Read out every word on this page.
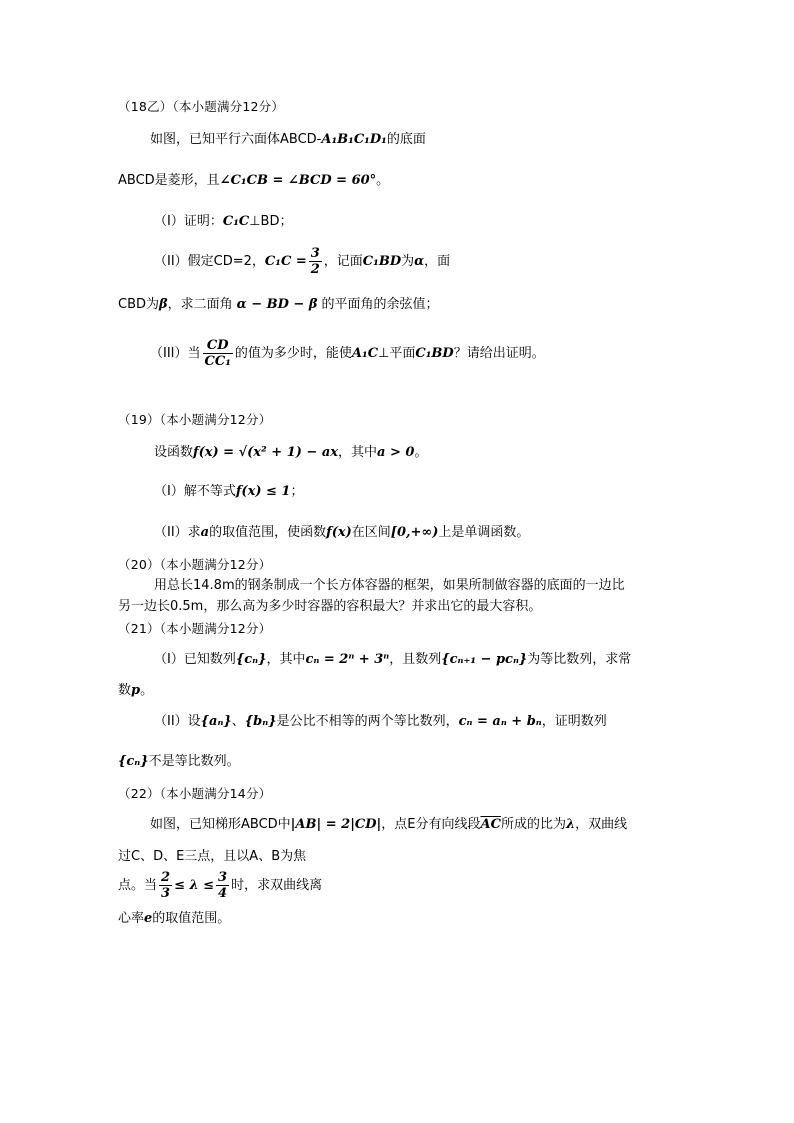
（18乙）（本小题满分12分）
如图，已知平行六面体ABCD-A₁B₁C₁D₁的底面
ABCD是菱形，且∠C₁CB = ∠BCD = 60°。
（I）证明：C₁C⊥BD；
（II）假定CD=2，$C_1C = \frac{3}{2}$ ，记面C₁BD为α，面
CBD为β，求二面角 α − BD − β 的平面角的余弦值；
（III）当 $\frac{CD}{\text{CC₁}}$ 的值为多少时，能使A₁C⊥平面C₁BD？请给出证明。
（19）（本小题满分12分）
设函数f(x) = √(x² + 1) − ax，其中a > 0。
（I）解不等式f(x) ≤ 1；
（II）求a的取值范围，使函数f(x)在区间[0,+∞)上是单调函数。
（20）（本小题满分12分）
用总长14.8m的钢条制成一个长方体容器的框架，如果所制做容器的底面的一边比
另一边长0.5m，那么高为多少时容器的容积最大？并求出它的最大容积。
（21）（本小题满分12分）
（I）已知数列{cₙ}，其中cₙ = 2ⁿ + 3ⁿ，且数列{cₙ₊₁ − pcₙ}为等比数列，求常
数p。
（II）设{aₙ}、{bₙ}是公比不相等的两个等比数列，cₙ = aₙ + bₙ，证明数列
{cₙ}不是等比数列。
（22）（本小题满分14分）
如图，已知梯形ABCD中|AB| = 2|CD|，点E分有向线段$\overline{AC}$所成的比为λ，双曲线
过C、D、E三点，且以A、B为焦
点。当 $\frac{2}{3} \le \lambda \le \frac{3}{4}$ 时，求双曲线离
心率e的取值范围。
